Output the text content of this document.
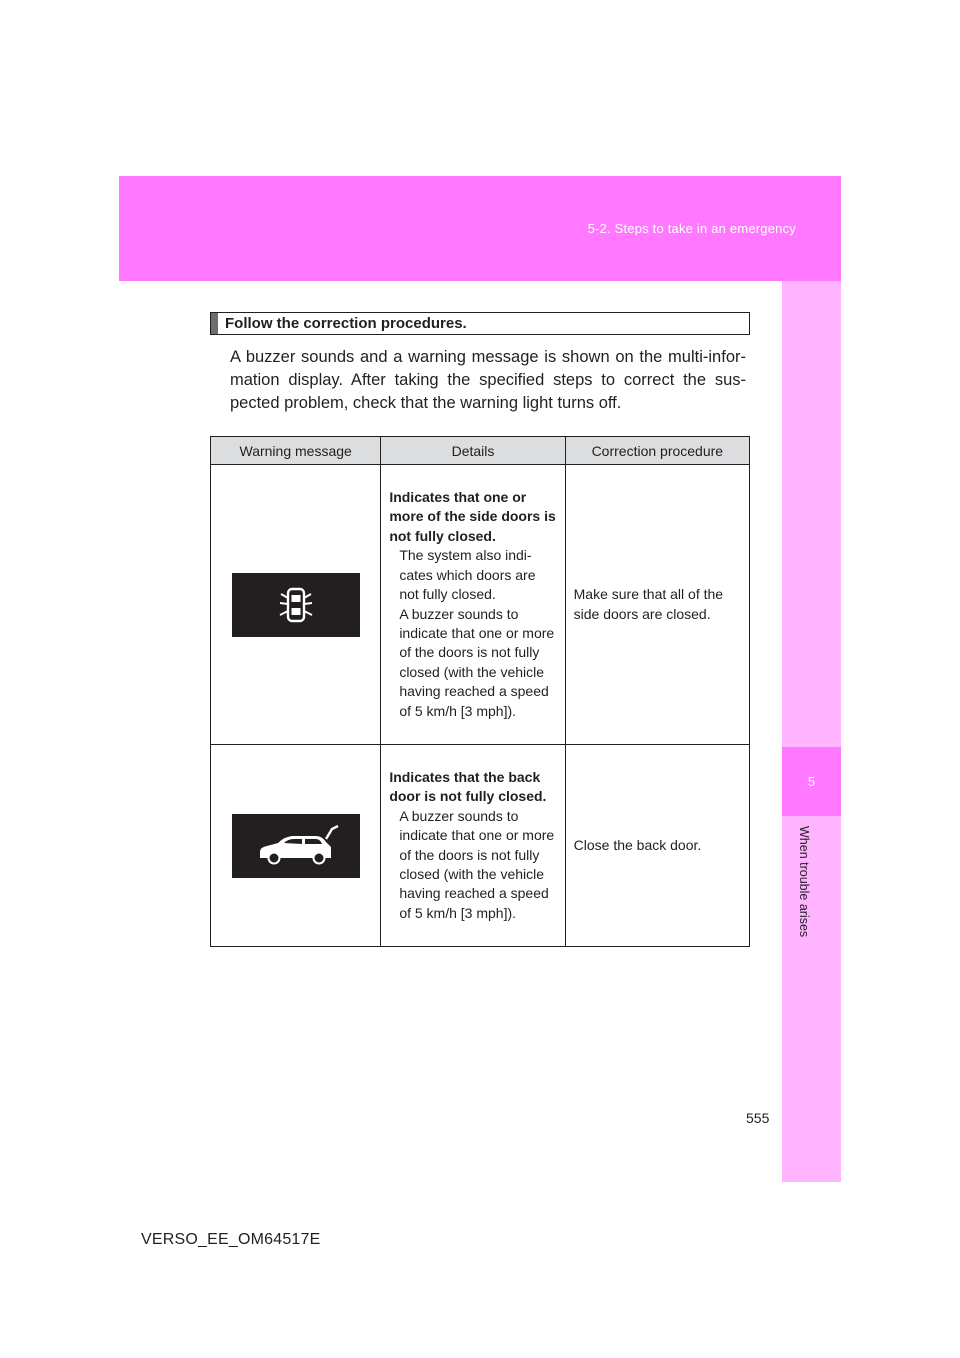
5-2. Steps to take in an emergency
5
When trouble arises
Follow the correction procedures.
A buzzer sounds and a warning message is shown on the multi-infor-mation display. After taking the specified steps to correct the sus-pected problem, check that the warning light turns off.
Warning message	Details	Correction procedure

Indicates that one or more of the side doors is not fully closed.
The system also indi-cates which doors are not fully closed.
A buzzer sounds to indicate that one or more of the doors is not fully closed (with the vehicle having reached a speed of 5 km/h [3 mph]).	Make sure that all of the side doors are closed.

Indicates that the back door is not fully closed.
A buzzer sounds to indicate that one or more of the doors is not fully closed (with the vehicle having reached a speed of 5 km/h [3 mph]).	Close the back door.
555
VERSO_EE_OM64517E
